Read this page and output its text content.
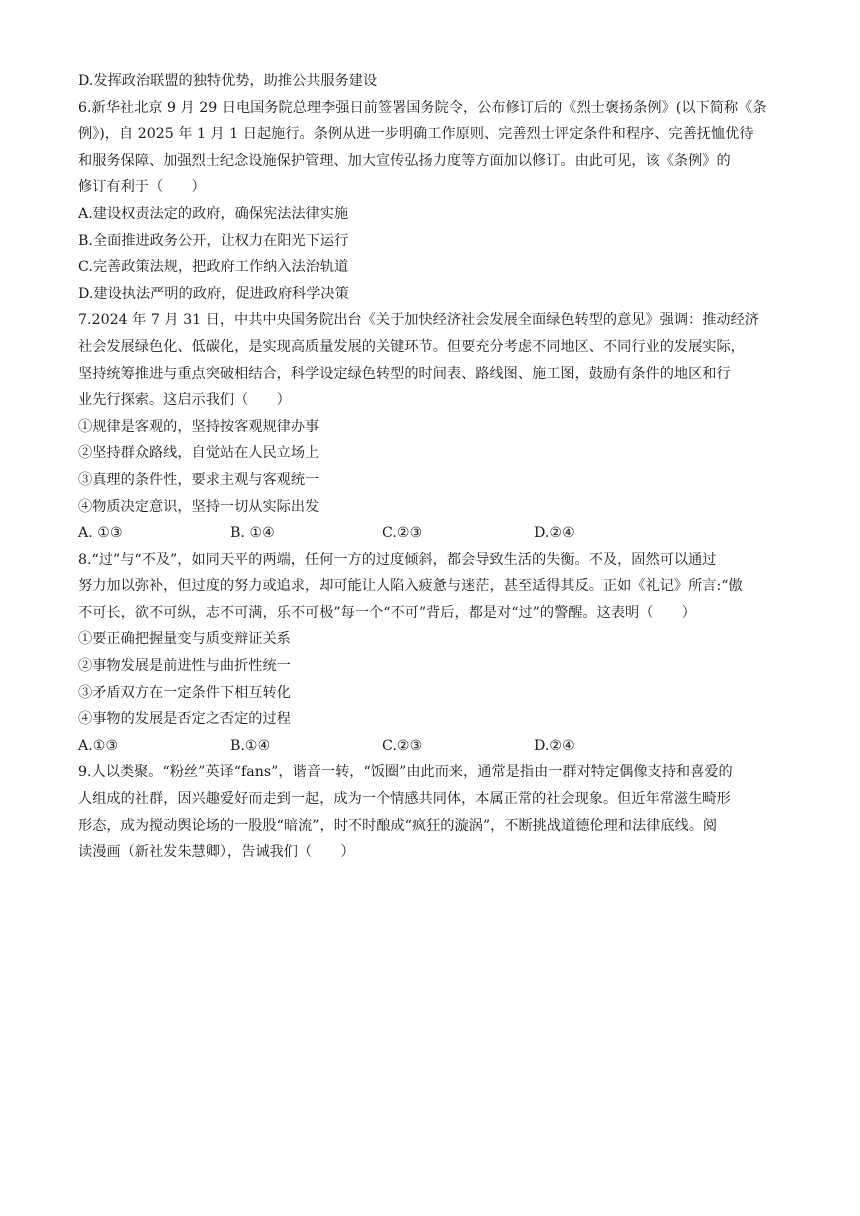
D.发挥政治联盟的独特优势，助推公共服务建设
6.新华社北京 9 月 29 日电国务院总理李强日前签署国务院令，公布修订后的《烈士褒扬条例》(以下简称《条
例》)，自 2025 年 1 月 1 日起施行。条例从进一步明确工作原则、完善烈士评定条件和程序、完善抚恤优待
和服务保障、加强烈士纪念设施保护管理、加大宣传弘扬力度等方面加以修订。由此可见，该《条例》的
修订有利于（　　）
A.建设权责法定的政府，确保宪法法律实施
B.全面推进政务公开，让权力在阳光下运行
C.完善政策法规，把政府工作纳入法治轨道
D.建设执法严明的政府，促进政府科学决策
7.2024 年 7 月 31 日，中共中央国务院出台《关于加快经济社会发展全面绿色转型的意见》强调：推动经济
社会发展绿色化、低碳化，是实现高质量发展的关键环节。但要充分考虑不同地区、不同行业的发展实际，
坚持统筹推进与重点突破相结合，科学设定绿色转型的时间表、路线图、施工图，鼓励有条件的地区和行
业先行探索。这启示我们（　　）
①规律是客观的，坚持按客观规律办事
②坚持群众路线，自觉站在人民立场上
③真理的条件性，要求主观与客观统一
④物质决定意识，坚持一切从实际出发
A. ①③	B. ①④	C.②③	D.②④
8.“过”与“不及”，如同天平的两端，任何一方的过度倾斜，都会导致生活的失衡。不及，固然可以通过
努力加以弥补，但过度的努力或追求，却可能让人陷入疲惫与迷茫，甚至适得其反。正如《礼记》所言:“傲
不可长，欲不可纵，志不可满，乐不可极”每一个“不可”背后，都是对“过”的警醒。这表明（　　）
①要正确把握量变与质变辩证关系
②事物发展是前进性与曲折性统一
③矛盾双方在一定条件下相互转化
④事物的发展是否定之否定的过程
A.①③	B.①④	C.②③	D.②④
9.人以类聚。“粉丝”英译“fans”，谐音一转，“饭圈”由此而来，通常是指由一群对特定偶像支持和喜爱的
人组成的社群，因兴趣爱好而走到一起，成为一个情感共同体，本属正常的社会现象。但近年常滋生畸形
形态，成为搅动舆论场的一股股“暗流”，时不时酿成“疯狂的漩涡”，不断挑战道德伦理和法律底线。阅
读漫画（新社发朱慧卿），告诫我们（　　）
